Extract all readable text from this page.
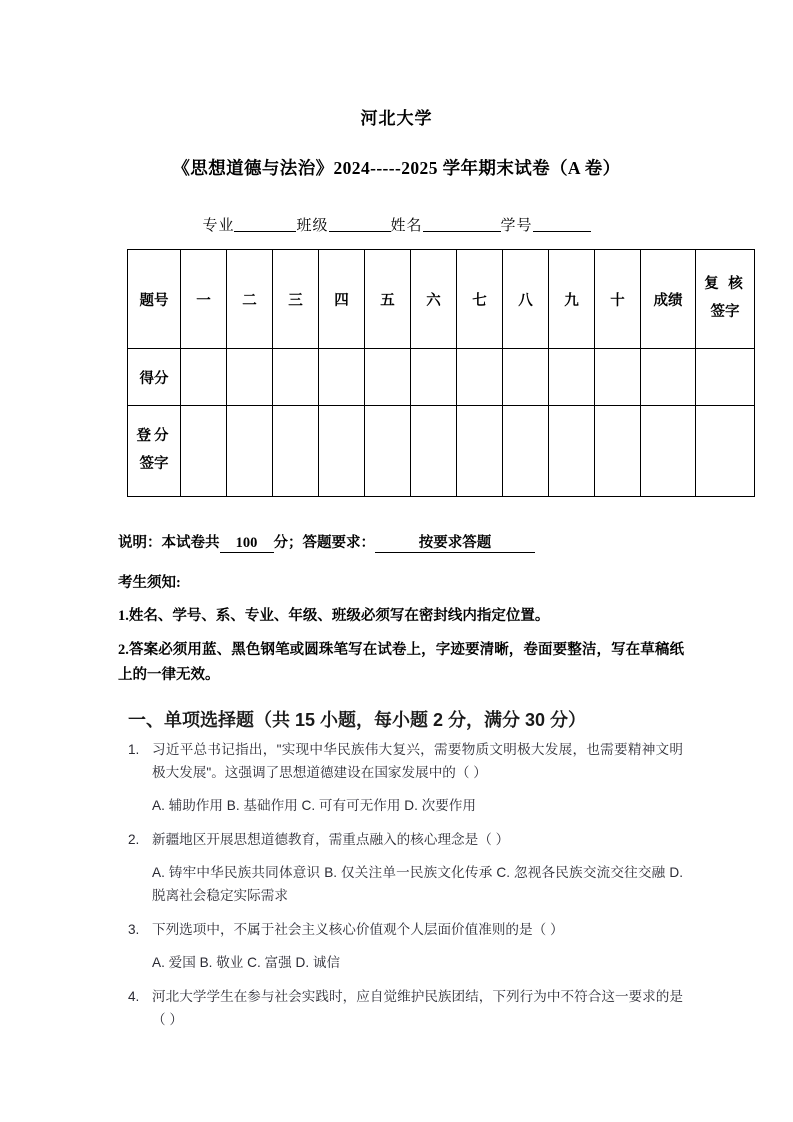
河北大学
《思想道德与法治》2024-----2025 学年期末试卷（A 卷）
专业	班级	姓名	学号
题号	一	二	三	四	五	六	七	八	九	十	成绩	复 核
签字

得分												

登分
签字												

说明：本试卷共 100 分；答题要求：	按要求答题
考生须知:
1.姓名、学号、系、专业、年级、班级必须写在密封线内指定位置。
2.答案必须用蓝、黑色钢笔或圆珠笔写在试卷上，字迹要清晰，卷面要整洁，写在草稿纸上的一律无效。
一、单项选择题（共 15 小题，每小题 2 分，满分 30 分）
1. 习近平总书记指出，"实现中华民族伟大复兴，需要物质文明极大发展，也需要精神文明极大发展"。这强调了思想道德建设在国家发展中的（ ）
A. 辅助作用 B. 基础作用 C. 可有可无作用 D. 次要作用
2. 新疆地区开展思想道德教育，需重点融入的核心理念是（ ）
A. 铸牢中华民族共同体意识 B. 仅关注单一民族文化传承 C. 忽视各民族交流交往交融 D. 脱离社会稳定实际需求
3. 下列选项中，不属于社会主义核心价值观个人层面价值准则的是（ ）
A. 爱国 B. 敬业 C. 富强 D. 诚信
4. 河北大学学生在参与社会实践时，应自觉维护民族团结，下列行为中不符合这一要求的是（ ）
